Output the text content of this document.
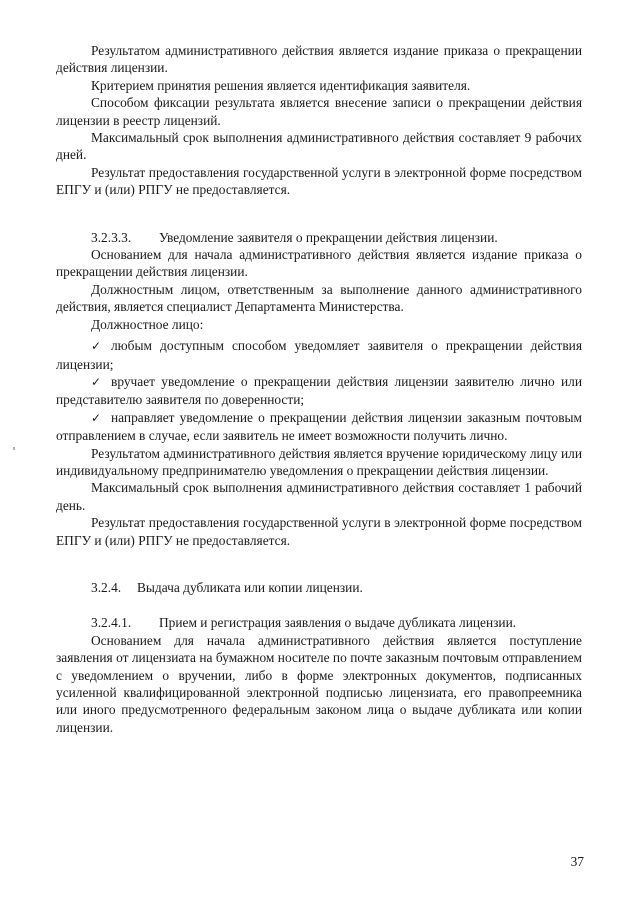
Результатом административного действия является издание приказа о прекращении действия лицензии.

Критерием принятия решения является идентификация заявителя.

Способом фиксации результата является внесение записи о прекращении действия лицензии в реестр лицензий.

Максимальный срок выполнения административного действия составляет 9 рабочих дней.

Результат предоставления государственной услуги в электронной форме посредством ЕПГУ и (или) РПГУ не предоставляется.

3.2.3.3. Уведомление заявителя о прекращении действия лицензии.

Основанием для начала административного действия является издание приказа о прекращении действия лицензии.

Должностным лицом, ответственным за выполнение данного административного действия, является специалист Департамента Министерства.

Должностное лицо:

✓ любым доступным способом уведомляет заявителя о прекращении действия лицензии;

✓ вручает уведомление о прекращении действия лицензии заявителю лично или представителю заявителя по доверенности;

✓ направляет уведомление о прекращении действия лицензии заказным почтовым отправлением в случае, если заявитель не имеет возможности получить лично.

Результатом административного действия является вручение юридическому лицу или индивидуальному предпринимателю уведомления о прекращении действия лицензии.

Максимальный срок выполнения административного действия составляет 1 рабочий день.

Результат предоставления государственной услуги в электронной форме посредством ЕПГУ и (или) РПГУ не предоставляется.

3.2.4. Выдача дубликата или копии лицензии.

3.2.4.1. Прием и регистрация заявления о выдаче дубликата лицензии.

Основанием для начала административного действия является поступление заявления от лицензиата на бумажном носителе по почте заказным почтовым отправлением с уведомлением о вручении, либо в форме электронных документов, подписанных усиленной квалифицированной электронной подписью лицензиата, его правопреемника или иного предусмотренного федеральным законом лица о выдаче дубликата или копии лицензии.

37
